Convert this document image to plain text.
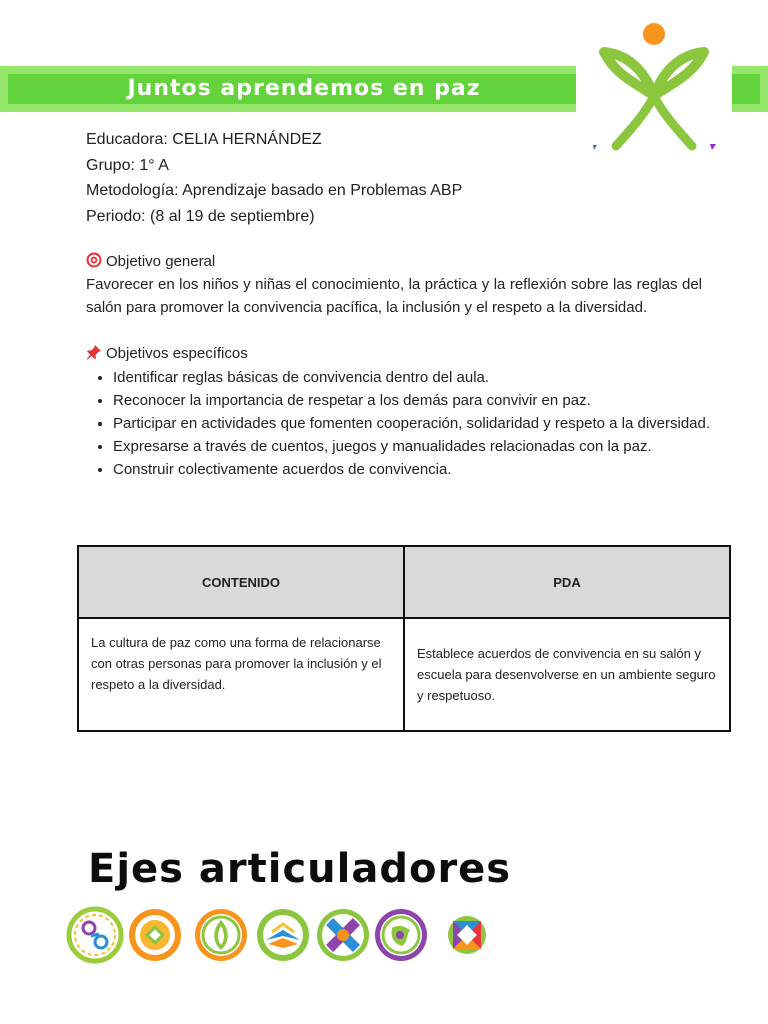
Juntos aprendemos en paz
Educadora: CELIA HERNÁNDEZ
Grupo: 1° A
Metodología: Aprendizaje basado en Problemas ABP
Periodo: (8 al 19 de septiembre)
Objetivo general
Favorecer en los niños y niñas el conocimiento, la práctica y la reflexión sobre las reglas del salón para promover la convivencia pacífica, la inclusión y el respeto a la diversidad.
Objetivos específicos
• Identificar reglas básicas de convivencia dentro del aula.
• Reconocer la importancia de respetar a los demás para convivir en paz.
• Participar en actividades que fomenten cooperación, solidaridad y respeto a la diversidad.
• Expresarse a través de cuentos, juegos y manualidades relacionadas con la paz.
• Construir colectivamente acuerdos de convivencia.
CONTENIDO	PDA
La cultura de paz como una forma de relacionarse con otras personas para promover la inclusión y el respeto a la diversidad.
Establece acuerdos de convivencia en su salón y escuela para desenvolverse en un ambiente seguro y respetuoso.
Ejes articuladores
